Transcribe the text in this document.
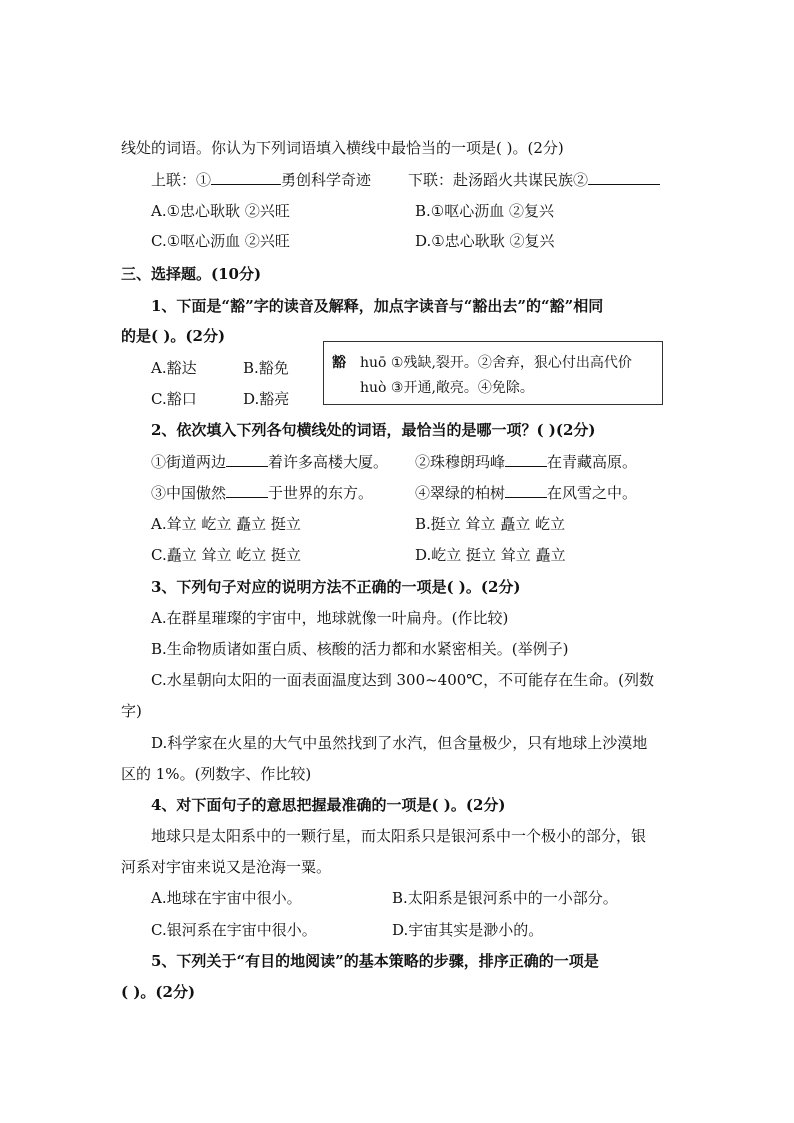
线处的词语。你认为下列词语填入横线中最恰当的一项是( )。(2分)
上联：①	勇创科学奇迹 下联：赴汤蹈火共谋民族②
A.①忠心耿耿 ②兴旺	B.①呕心沥血 ②复兴
C.①呕心沥血 ②兴旺	D.①忠心耿耿 ②复兴
三、选择题。(10分)
1、下面是“豁”字的读音及解释，加点字读音与“豁出去”的“豁”相同
的是( )。(2分)
A.豁达	B.豁免
C.豁口	D.豁亮
豁 huō ①残缺,裂开。②舍弃，狠心付出高代价
huò ③开通,敞亮。④免除。
2、依次填入下列各句横线处的词语，最恰当的是哪一项？( )(2分)
①街道两边	着许多高楼大厦。 ②珠穆朗玛峰	在青藏高原。
③中国傲然	于世界的东方。	④翠绿的柏树	在风雪之中。
A.耸立 屹立 矗立 挺立	B.挺立 耸立 矗立 屹立
C.矗立 耸立 屹立 挺立	D.屹立 挺立 耸立 矗立
3、下列句子对应的说明方法不正确的一项是( )。(2分)
A.在群星璀璨的宇宙中，地球就像一叶扁舟。(作比较)
B.生命物质诸如蛋白质、核酸的活力都和水紧密相关。(举例子)
C.水星朝向太阳的一面表面温度达到 300~400℃，不可能存在生命。(列数
字)
D.科学家在火星的大气中虽然找到了水汽，但含量极少，只有地球上沙漠地
区的 1%。(列数字、作比较)
4、对下面句子的意思把握最准确的一项是( )。(2分)
地球只是太阳系中的一颗行星，而太阳系只是银河系中一个极小的部分，银
河系对宇宙来说又是沧海一粟。
A.地球在宇宙中很小。	B.太阳系是银河系中的一小部分。
C.银河系在宇宙中很小。	D.宇宙其实是渺小的。
5、下列关于“有目的地阅读”的基本策略的步骤，排序正确的一项是
( )。(2分)
